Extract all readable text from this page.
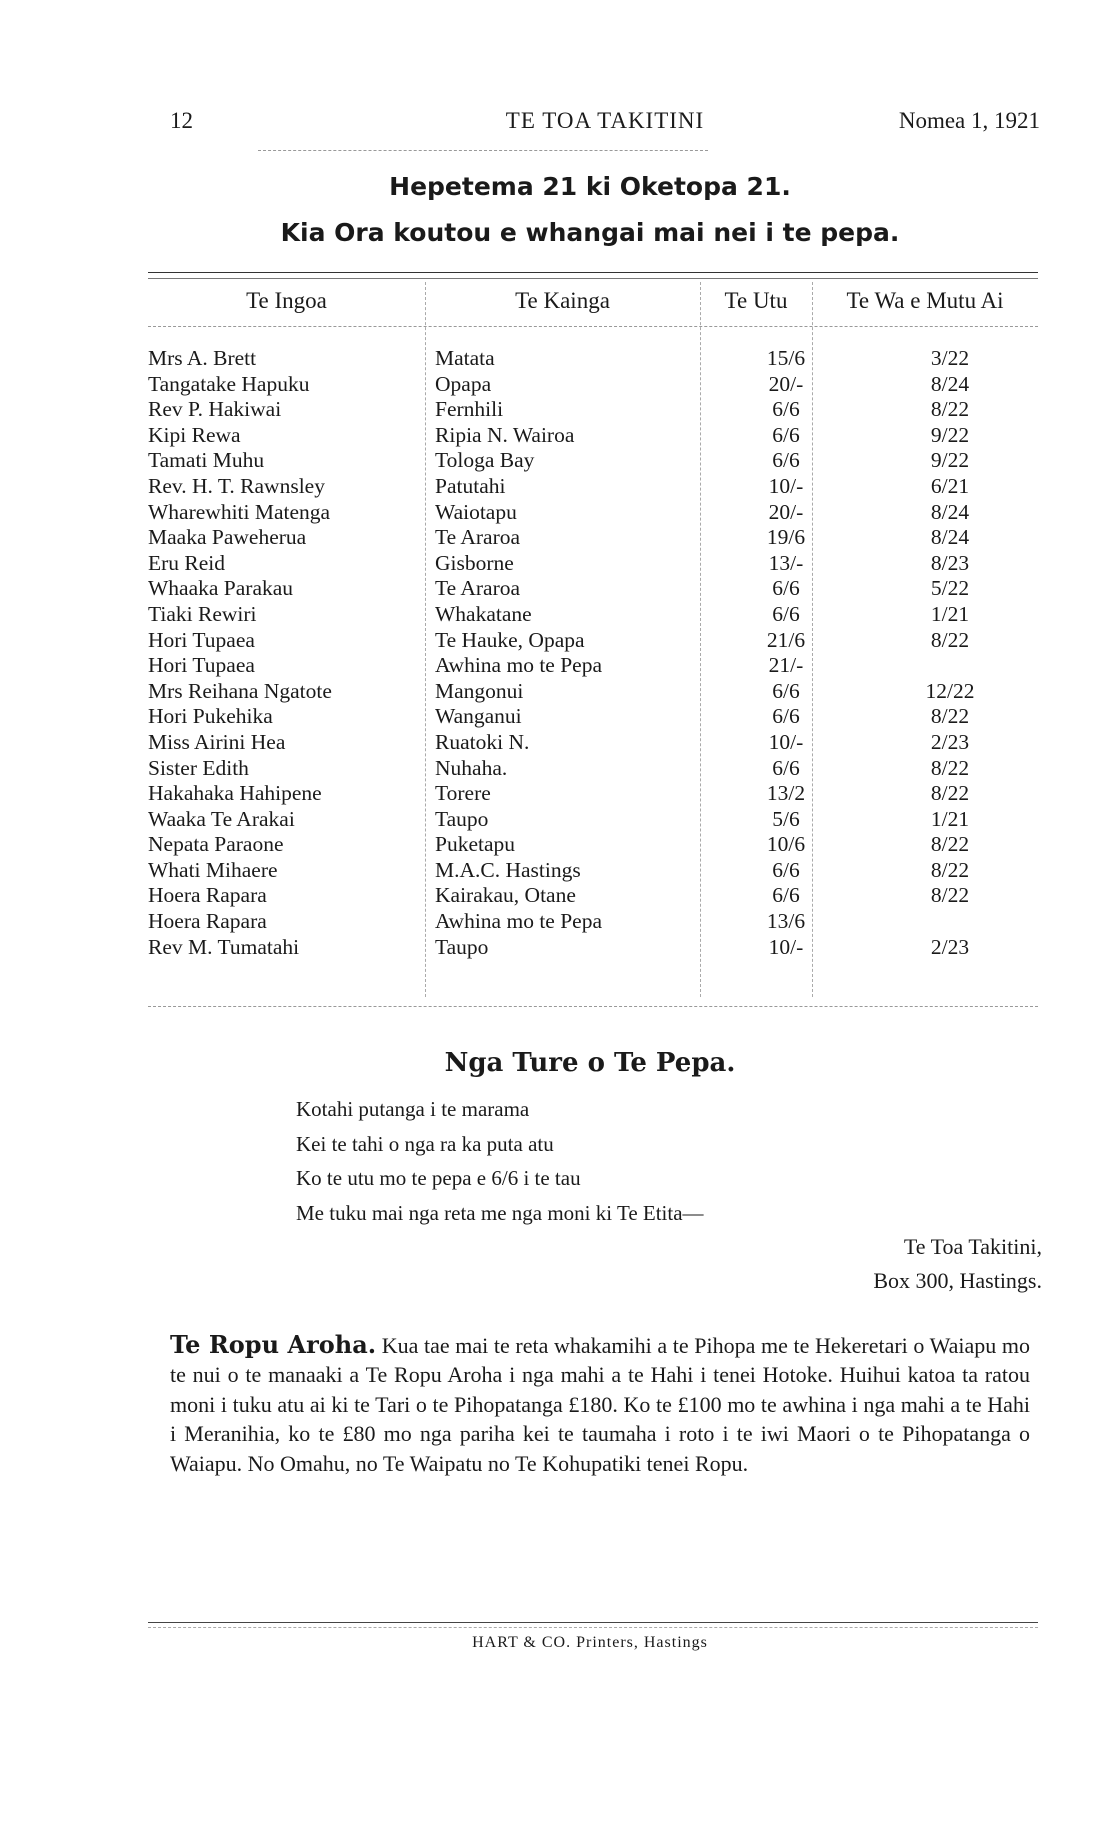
12	TE TOA TAKITINI	Nomea 1, 1921
Hepetema 21 ki Oketopa 21.
Kia Ora koutou e whangai mai nei i te pepa.
Te Ingoa	Te Kainga	Te Utu	Te Wa e Mutu Ai
Mrs A. Brett	Matata	15/6	3/22
Tangatake Hapuku	Opapa	20/-	8/24
Rev P. Hakiwai	Fernhili	6/6	8/22
Kipi Rewa	Ripia N. Wairoa	6/6	9/22
Tamati Muhu	Tologa Bay	6/6	9/22
Rev. H. T. Rawnsley	Patutahi	10/-	6/21
Wharewhiti Matenga	Waiotapu	20/-	8/24
Maaka Paweherua	Te Araroa	19/6	8/24
Eru Reid	Gisborne	13/-	8/23
Whaaka Parakau	Te Araroa	6/6	5/22
Tiaki Rewiri	Whakatane	6/6	1/21
Hori Tupaea	Te Hauke, Opapa	21/6	8/22
Hori Tupaea	Awhina mo te Pepa	21/-
Mrs Reihana Ngatote	Mangonui	6/6	12/22
Hori Pukehika	Wanganui	6/6	8/22
Miss Airini Hea	Ruatoki N.	10/-	2/23
Sister Edith	Nuhaha.	6/6	8/22
Hakahaka Hahipene	Torere	13/2	8/22
Waaka Te Arakai	Taupo	5/6	1/21
Nepata Paraone	Puketapu	10/6	8/22
Whati Mihaere	M.A.C. Hastings	6/6	8/22
Hoera Rapara	Kairakau, Otane	6/6	8/22
Hoera Rapara	Awhina mo te Pepa	13/6
Rev M. Tumatahi	Taupo	10/-	2/23
Nga Ture o Te Pepa.
Kotahi putanga i te marama
Kei te tahi o nga ra ka puta atu
Ko te utu mo te pepa e 6/6 i te tau
Me tuku mai nga reta me nga moni ki Te Etita—
Te Toa Takitini,
Box 300, Hastings.
Te Ropu Aroha. Kua tae mai te reta whakamihi a te Pihopa me te Hekeretari o Waiapu mo te nui o te manaaki a Te Ropu Aroha i nga mahi a te Hahi i tenei Hotoke. Huihui katoa ta ratou moni i tuku atu ai ki te Tari o te Pihopatanga £180. Ko te £100 mo te awhina i nga mahi a te Hahi i Meranihia, ko te £80 mo nga pariha kei te taumaha i roto i te iwi Maori o te Pihopatanga o Waiapu. No Omahu, no Te Waipatu no Te Kohupatiki tenei Ropu.
HART & CO. Printers, Hastings
